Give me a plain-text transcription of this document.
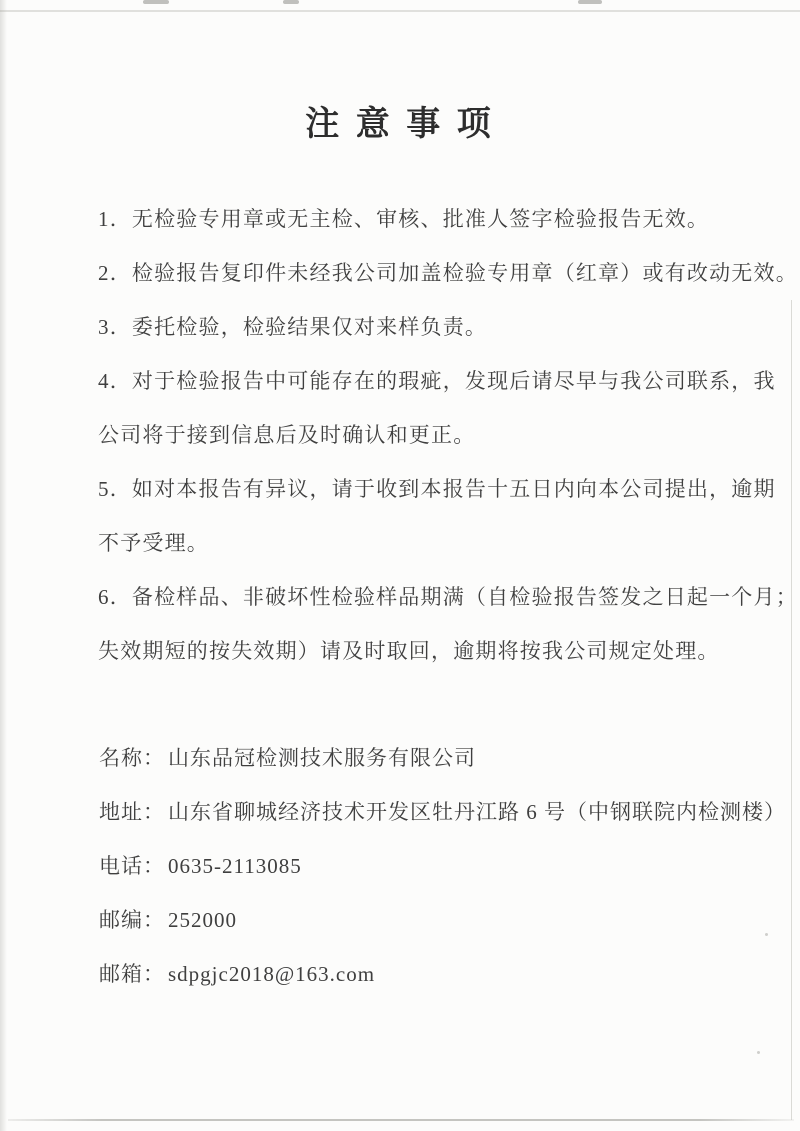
注 意 事 项
1．无检验专用章或无主检、审核、批准人签字检验报告无效。
2．检验报告复印件未经我公司加盖检验专用章（红章）或有改动无效。
3．委托检验，检验结果仅对来样负责。
4．对于检验报告中可能存在的瑕疵，发现后请尽早与我公司联系，我
公司将于接到信息后及时确认和更正。
5．如对本报告有异议，请于收到本报告十五日内向本公司提出，逾期
不予受理。
6．备检样品、非破坏性检验样品期满（自检验报告签发之日起一个月；
失效期短的按失效期）请及时取回，逾期将按我公司规定处理。
名称： 山东品冠检测技术服务有限公司
地址： 山东省聊城经济技术开发区牡丹江路 6 号（中钢联院内检测楼）
电话： 0635-2113085
邮编： 252000
邮箱： sdpgjc2018@163.com
